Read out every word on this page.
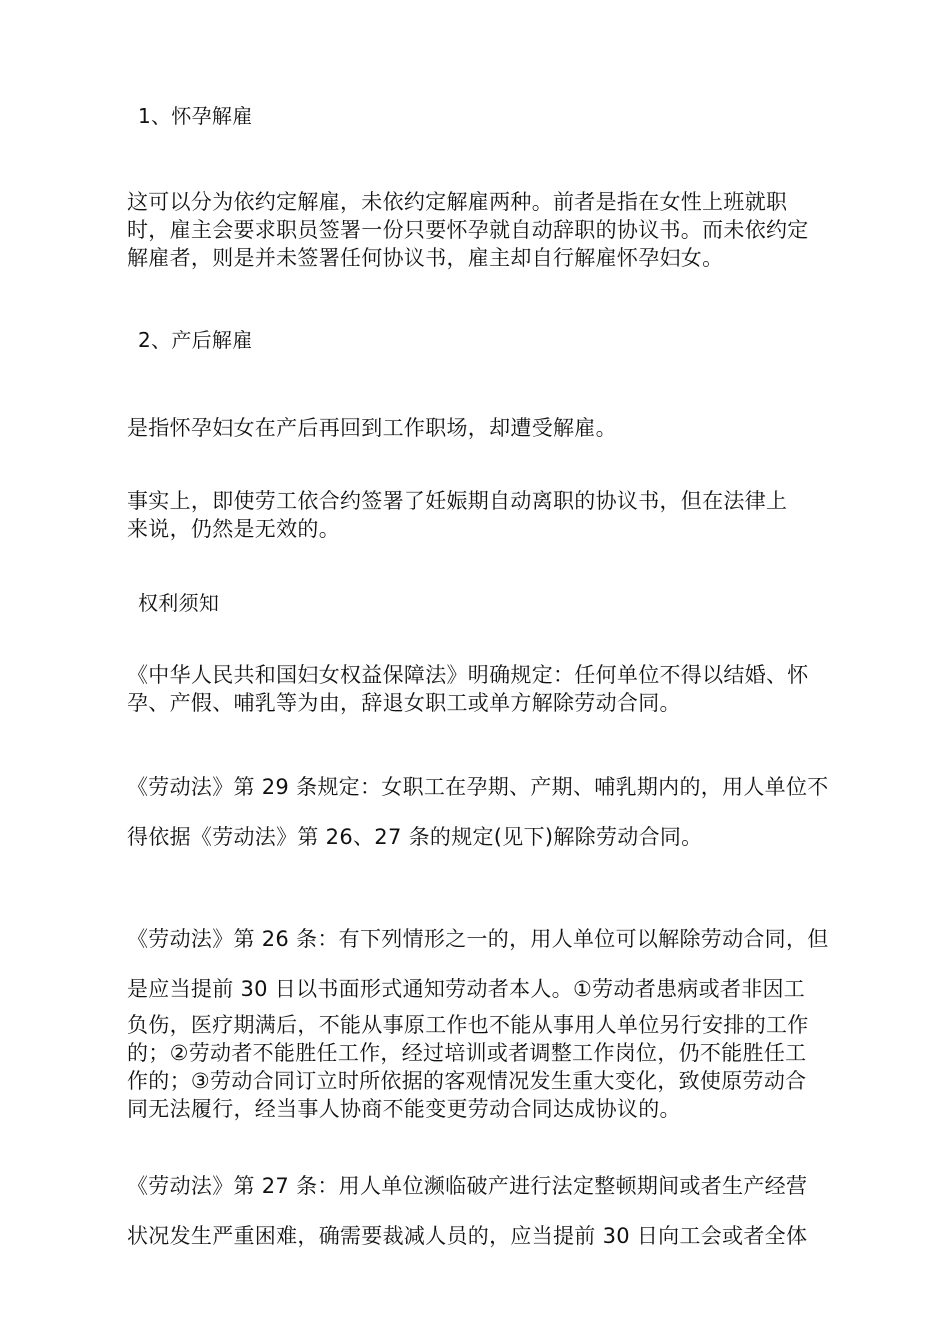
1、怀孕解雇
这可以分为依约定解雇，未依约定解雇两种。前者是指在女性上班就职
时，雇主会要求职员签署一份只要怀孕就自动辞职的协议书。而未依约定
解雇者，则是并未签署任何协议书，雇主却自行解雇怀孕妇女。
2、产后解雇
是指怀孕妇女在产后再回到工作职场，却遭受解雇。
事实上，即使劳工依合约签署了妊娠期自动离职的协议书，但在法律上
来说，仍然是无效的。
权利须知
《中华人民共和国妇女权益保障法》明确规定：任何单位不得以结婚、怀
孕、产假、哺乳等为由，辞退女职工或单方解除劳动合同。
《劳动法》第 29 条规定：女职工在孕期、产期、哺乳期内的，用人单位不
得依据《劳动法》第 26、27 条的规定(见下)解除劳动合同。
《劳动法》第 26 条：有下列情形之一的，用人单位可以解除劳动合同，但
是应当提前 30 日以书面形式通知劳动者本人。①劳动者患病或者非因工
负伤，医疗期满后，不能从事原工作也不能从事用人单位另行安排的工作
的；②劳动者不能胜任工作，经过培训或者调整工作岗位，仍不能胜任工
作的；③劳动合同订立时所依据的客观情况发生重大变化，致使原劳动合
同无法履行，经当事人协商不能变更劳动合同达成协议的。
《劳动法》第 27 条：用人单位濒临破产进行法定整顿期间或者生产经营
状况发生严重困难，确需要裁减人员的，应当提前 30 日向工会或者全体
